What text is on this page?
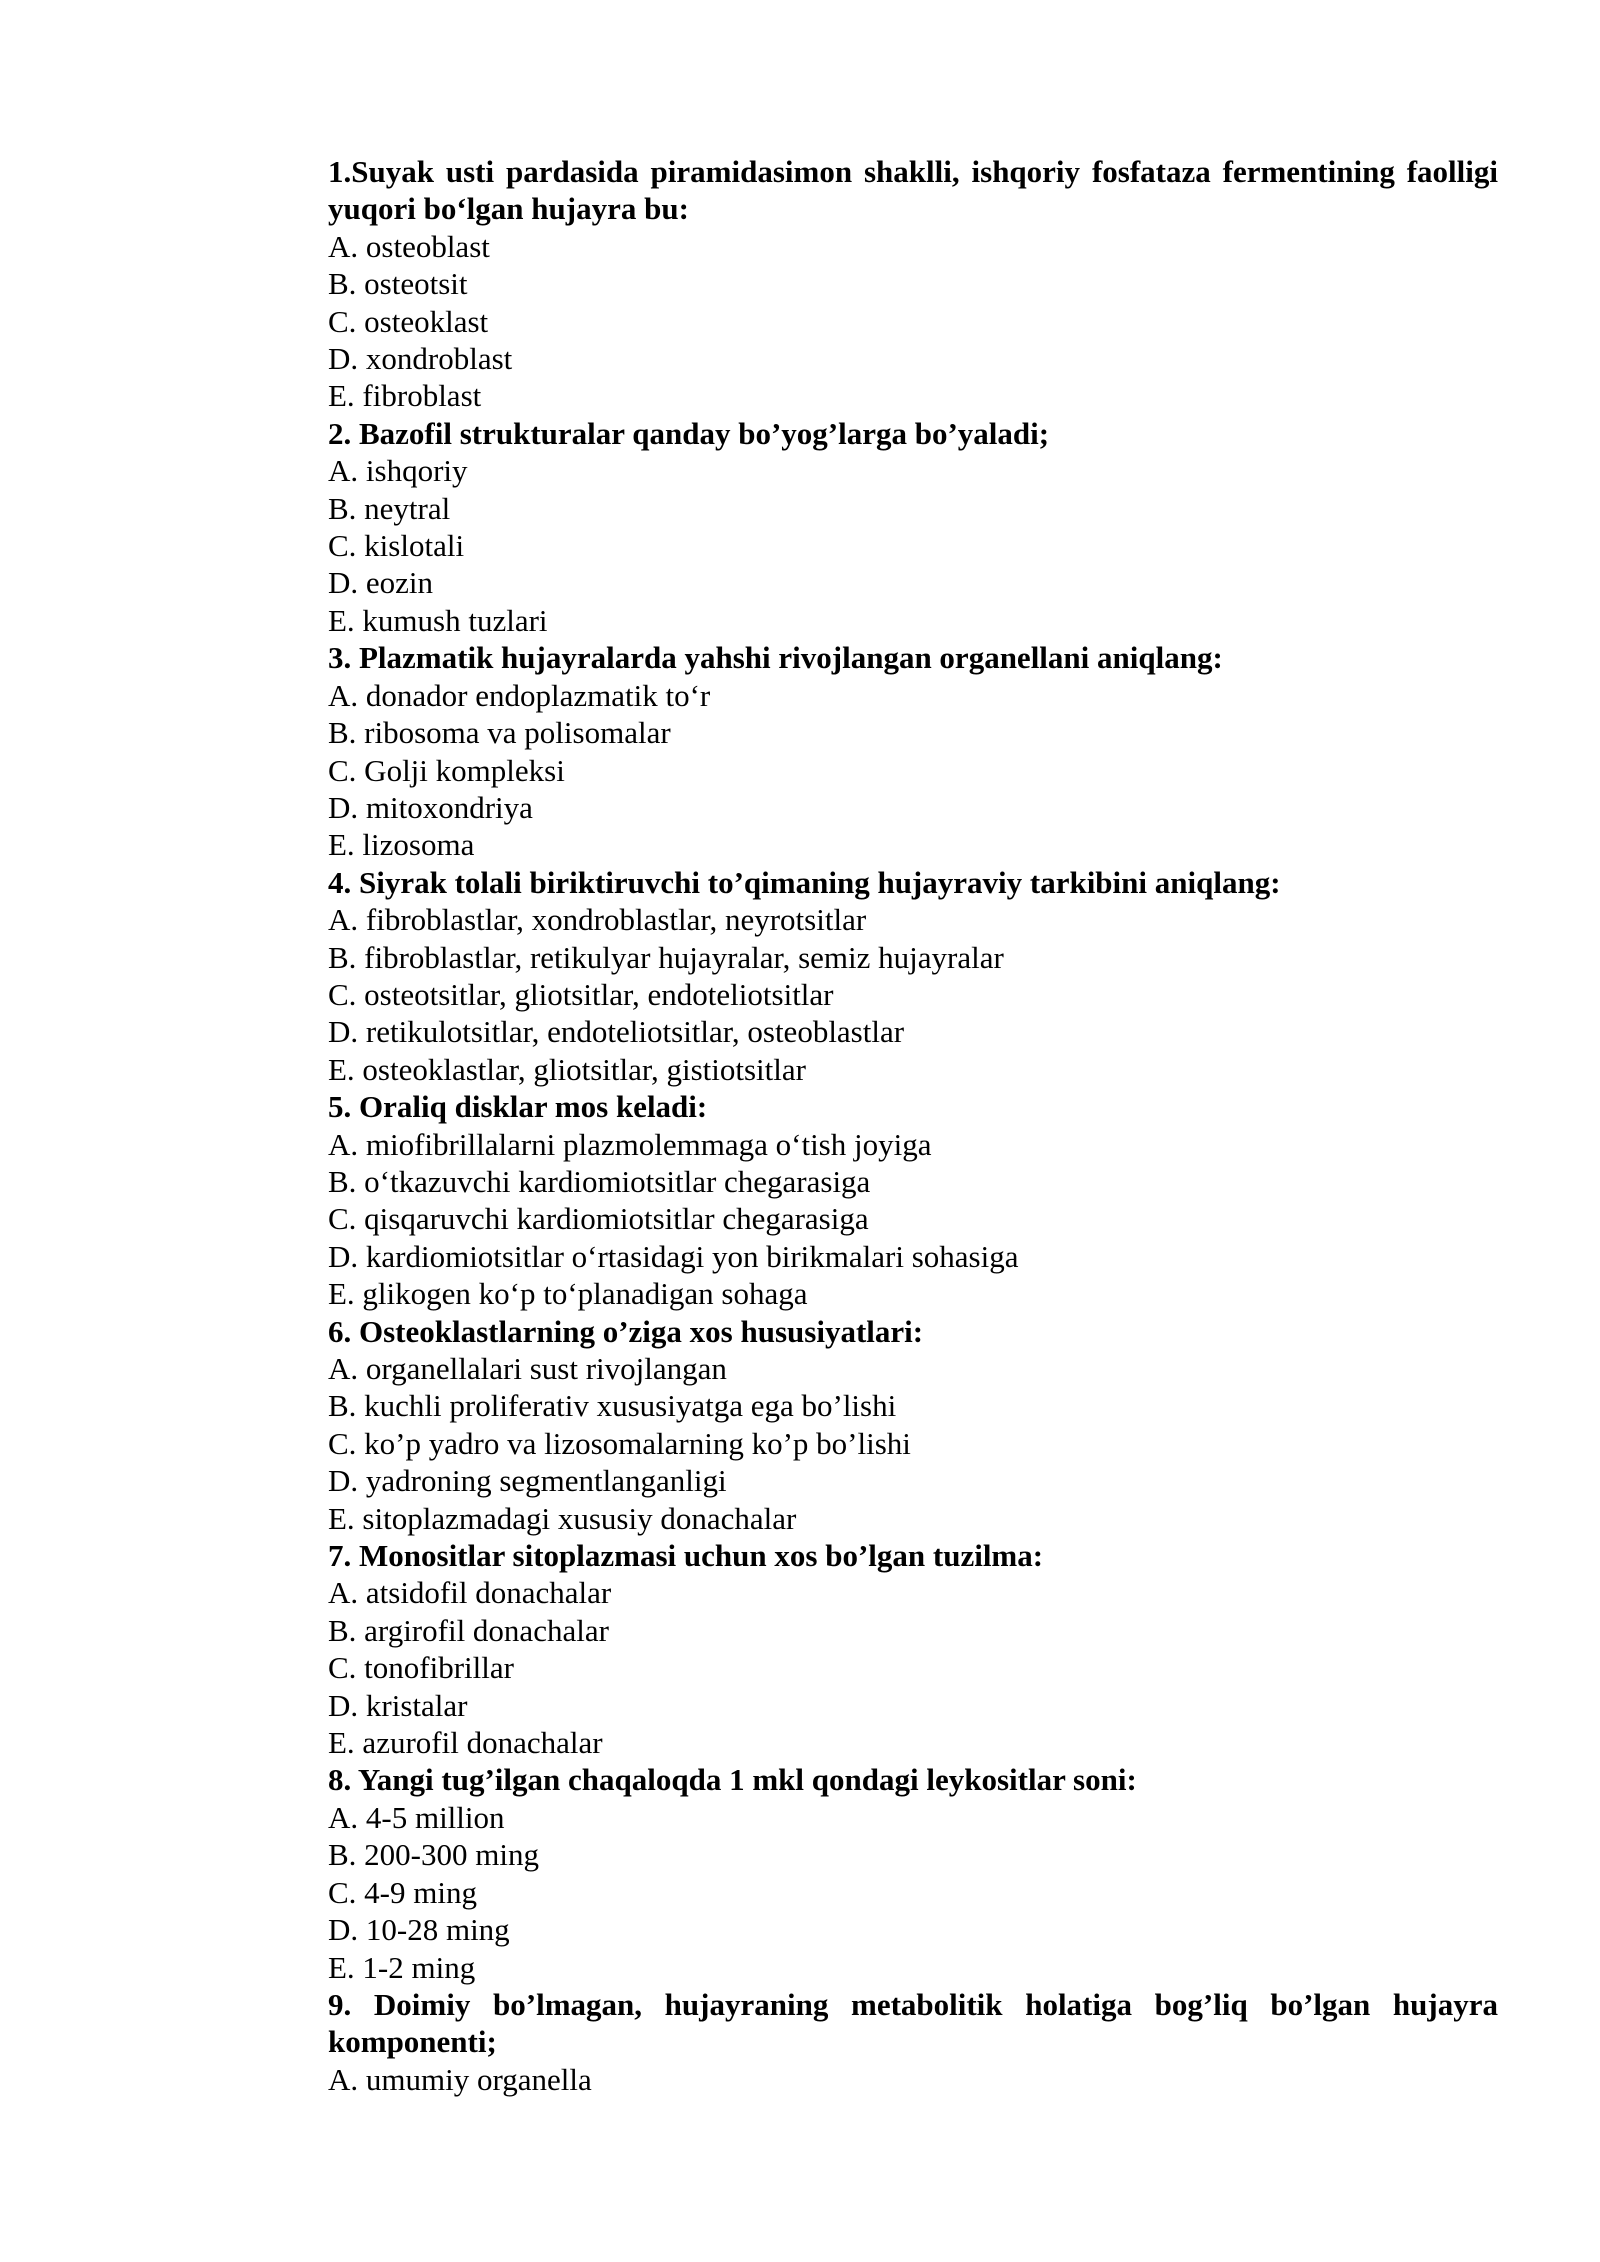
1.Suyak usti pardasida piramidasimon shaklli, ishqoriy fosfataza fermentining faolligi yuqori bo‘lgan hujayra bu:

A. osteoblast

B. osteotsit

C. osteoklast

D. xondroblast

E. fibroblast

2. Bazofil strukturalar qanday bo’yog’larga bo’yaladi;

A. ishqoriy

B. neytral

C. kislotali

D. eozin

E. kumush tuzlari

3. Plazmatik hujayralarda yahshi rivojlangan organellani aniqlang:

A. donador endoplazmatik to‘r

B. ribosoma va polisomalar

C. Golji kompleksi

D. mitoxondriya

E. lizosoma

4. Siyrak tolali biriktiruvchi to’qimaning hujayraviy tarkibini aniqlang:

A. fibroblastlar, xondroblastlar, neyrotsitlar

B. fibroblastlar, retikulyar hujayralar, semiz hujayralar

C. osteotsitlar, gliotsitlar, endoteliotsitlar

D. retikulotsitlar, endoteliotsitlar, osteoblastlar

E. osteoklastlar, gliotsitlar, gistiotsitlar

5. Oraliq disklar mos keladi:

A. miofibrillalarni plazmolemmaga o‘tish joyiga

B. o‘tkazuvchi kardiomiotsitlar chegarasiga

C. qisqaruvchi kardiomiotsitlar chegarasiga

D. kardiomiotsitlar o‘rtasidagi yon birikmalari sohasiga

E. glikogen ko‘p to‘planadigan sohaga

6. Osteoklastlarning o’ziga xos hususiyatlari:

A. organellalari sust rivojlangan

B. kuchli proliferativ xususiyatga ega bo’lishi

C. ko’p yadro va lizosomalarning ko’p bo’lishi

D. yadroning segmentlanganligi

E. sitoplazmadagi xususiy donachalar

7. Monositlar sitoplazmasi uchun xos bo’lgan tuzilma:

A. atsidofil donachalar

B. argirofil donachalar

C. tonofibrillar

D. kristalar

E. azurofil donachalar

8. Yangi tug’ilgan chaqaloqda 1 mkl qondagi leykositlar soni:

A. 4-5 million

B. 200-300 ming

C. 4-9 ming

D. 10-28 ming

E. 1-2 ming

9. Doimiy bo’lmagan, hujayraning metabolitik holatiga bog’liq bo’lgan hujayra komponenti;

A. umumiy organella
